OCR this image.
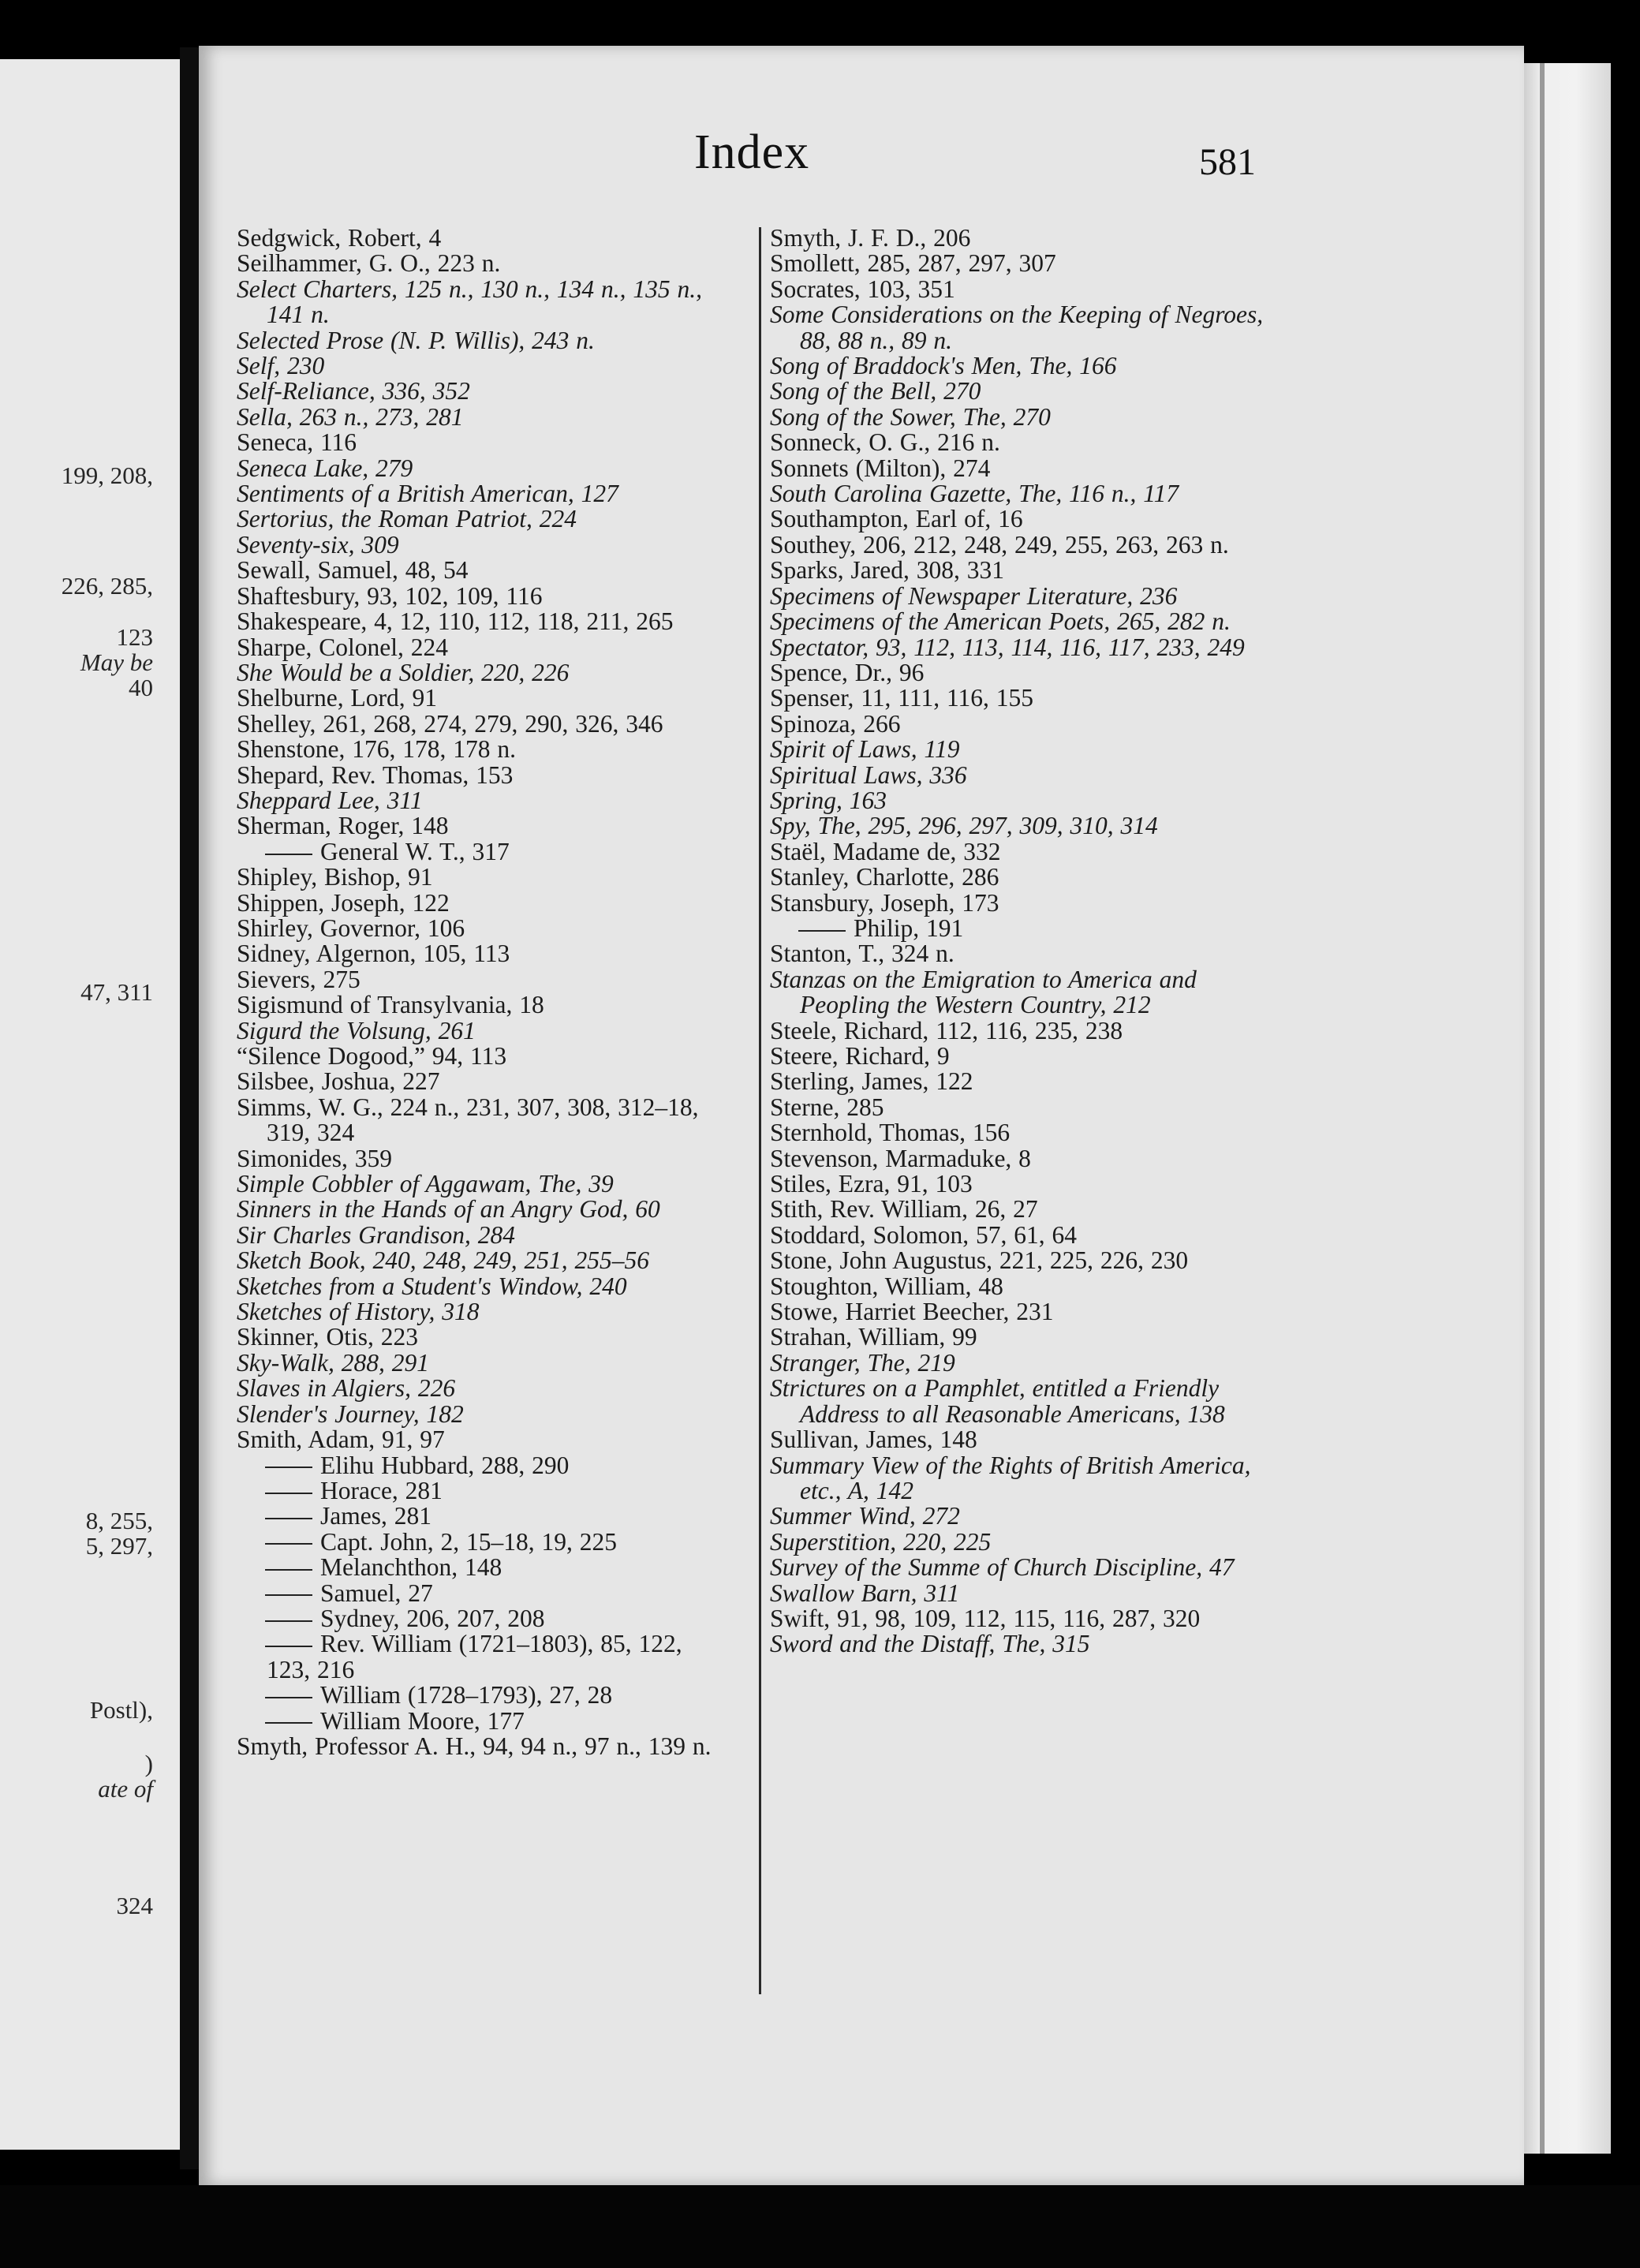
199, 208,
226, 285,
123
May be
40
47, 311
8, 255,
5, 297,
Postl),
)
ate of
324
Index	581
Sedgwick, Robert, 4
Seilhammer, G. O., 223 n.
Select Charters, 125 n., 130 n., 134 n., 135 n., 141 n.
Selected Prose (N. P. Willis), 243 n.
Self, 230
Self-Reliance, 336, 352
Sella, 263 n., 273, 281
Seneca, 116
Seneca Lake, 279
Sentiments of a British American, 127
Sertorius, the Roman Patriot, 224
Seventy-six, 309
Sewall, Samuel, 48, 54
Shaftesbury, 93, 102, 109, 116
Shakespeare, 4, 12, 110, 112, 118, 211, 265
Sharpe, Colonel, 224
She Would be a Soldier, 220, 226
Shelburne, Lord, 91
Shelley, 261, 268, 274, 279, 290, 326, 346
Shenstone, 176, 178, 178 n.
Shepard, Rev. Thomas, 153
Sheppard Lee, 311
Sherman, Roger, 148
General W. T., 317
Shipley, Bishop, 91
Shippen, Joseph, 122
Shirley, Governor, 106
Sidney, Algernon, 105, 113
Sievers, 275
Sigismund of Transylvania, 18
Sigurd the Volsung, 261
“Silence Dogood,” 94, 113
Silsbee, Joshua, 227
Simms, W. G., 224 n., 231, 307, 308, 312–18, 319, 324
Simonides, 359
Simple Cobbler of Aggawam, The, 39
Sinners in the Hands of an Angry God, 60
Sir Charles Grandison, 284
Sketch Book, 240, 248, 249, 251, 255–56
Sketches from a Student's Window, 240
Sketches of History, 318
Skinner, Otis, 223
Sky-Walk, 288, 291
Slaves in Algiers, 226
Slender's Journey, 182
Smith, Adam, 91, 97
Elihu Hubbard, 288, 290
Horace, 281
James, 281
Capt. John, 2, 15–18, 19, 225
Melanchthon, 148
Samuel, 27
Sydney, 206, 207, 208
Rev. William (1721–1803), 85, 122, 123, 216
William (1728–1793), 27, 28
William Moore, 177
Smyth, Professor A. H., 94, 94 n., 97 n., 139 n.
Smyth, J. F. D., 206
Smollett, 285, 287, 297, 307
Socrates, 103, 351
Some Considerations on the Keeping of Negroes, 88, 88 n., 89 n.
Song of Braddock's Men, The, 166
Song of the Bell, 270
Song of the Sower, The, 270
Sonneck, O. G., 216 n.
Sonnets (Milton), 274
South Carolina Gazette, The, 116 n., 117
Southampton, Earl of, 16
Southey, 206, 212, 248, 249, 255, 263, 263 n.
Sparks, Jared, 308, 331
Specimens of Newspaper Literature, 236
Specimens of the American Poets, 265, 282 n.
Spectator, 93, 112, 113, 114, 116, 117, 233, 249
Spence, Dr., 96
Spenser, 11, 111, 116, 155
Spinoza, 266
Spirit of Laws, 119
Spiritual Laws, 336
Spring, 163
Spy, The, 295, 296, 297, 309, 310, 314
Staël, Madame de, 332
Stanley, Charlotte, 286
Stansbury, Joseph, 173
Philip, 191
Stanton, T., 324 n.
Stanzas on the Emigration to America and Peopling the Western Country, 212
Steele, Richard, 112, 116, 235, 238
Steere, Richard, 9
Sterling, James, 122
Sterne, 285
Sternhold, Thomas, 156
Stevenson, Marmaduke, 8
Stiles, Ezra, 91, 103
Stith, Rev. William, 26, 27
Stoddard, Solomon, 57, 61, 64
Stone, John Augustus, 221, 225, 226, 230
Stoughton, William, 48
Stowe, Harriet Beecher, 231
Strahan, William, 99
Stranger, The, 219
Strictures on a Pamphlet, entitled a Friendly Address to all Reasonable Americans, 138
Sullivan, James, 148
Summary View of the Rights of British America, etc., A, 142
Summer Wind, 272
Superstition, 220, 225
Survey of the Summe of Church Discipline, 47
Swallow Barn, 311
Swift, 91, 98, 109, 112, 115, 116, 287, 320
Sword and the Distaff, The, 315
